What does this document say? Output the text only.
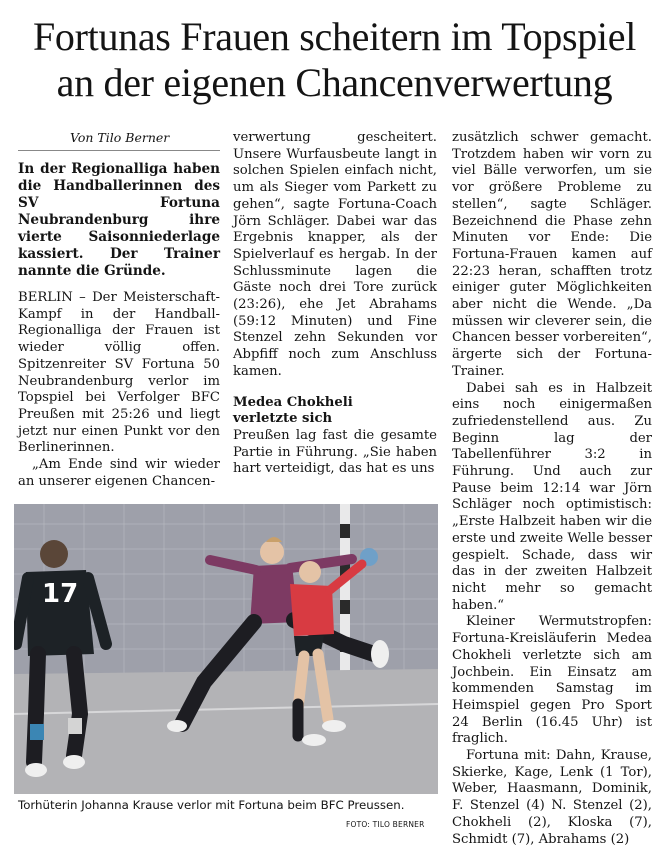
Fortunas Frauen scheitern im Topspiel
an der eigenen Chancenverwertung
Von Tilo Berner

In der Regionalliga haben die Handballerinnen des SV Fortuna Neubrandenburg ihre vierte Saisonniederlage kassiert. Der Trainer nannte die Gründe.

BERLIN – Der Meisterschaft-Kampf in der Handball-Regionalliga der Frauen ist wieder völlig offen. Spitzenreiter SV Fortuna 50 Neubrandenburg verlor im Topspiel bei Verfolger BFC Preußen mit 25:26 und liegt jetzt nur einen Punkt vor den Berlinerinnen.

„Am Ende sind wir wieder an unserer eigenen Chancen-

verwertung gescheitert. Unsere Wurfausbeute langt in solchen Spielen einfach nicht, um als Sieger vom Parkett zu gehen“, sagte Fortuna-Coach Jörn Schläger. Dabei war das Ergebnis knapper, als der Spielverlauf es hergab. In der Schlussminute lagen die Gäste noch drei Tore zurück (23:26), ehe Jet Abrahams (59:12 Minuten) und Fine Stenzel zehn Sekunden vor Abpfiff noch zum Anschluss kamen.

Medea Chokheli
verletzte sich

Preußen lag fast die gesamte Partie in Führung. „Sie haben hart verteidigt, das hat es uns

zusätzlich schwer gemacht. Trotzdem haben wir vorn zu viel Bälle verworfen, um sie vor größere Probleme zu stellen“, sagte Schläger. Bezeichnend die Phase zehn Minuten vor Ende: Die Fortuna-Frauen kamen auf 22:23 heran, schafften trotz einiger guter Möglichkeiten aber nicht die Wende. „Da müssen wir cleverer sein, die Chancen besser vorbereiten“, ärgerte sich der Fortuna-Trainer.

Dabei sah es in Halbzeit eins noch einigermaßen zufriedenstellend aus. Zu Beginn lag der Tabellenführer 3:2 in Führung. Und auch zur Pause beim 12:14 war Jörn Schläger noch optimistisch: „Erste Halbzeit haben wir die erste und zweite Welle besser gespielt. Schade, dass wir das in der zweiten Halbzeit nicht mehr so gemacht haben.“

Kleiner Wermutstropfen: Fortuna-Kreisläuferin Medea Chokheli verletzte sich am Jochbein. Ein Einsatz am kommenden Samstag im Heimspiel gegen Pro Sport 24 Berlin (16.45 Uhr) ist fraglich.

Fortuna mit: Dahn, Krause, Skierke, Kage, Lenk (1 Tor), Weber, Haasmann, Dominik, F. Stenzel (4) N. Stenzel (2), Chokheli (2), Kloska (7), Schmidt (7), Abrahams (2)

17
Torhüterin Johanna Krause verlor mit Fortuna beim BFC Preussen.
FOTO: TILO BERNER
